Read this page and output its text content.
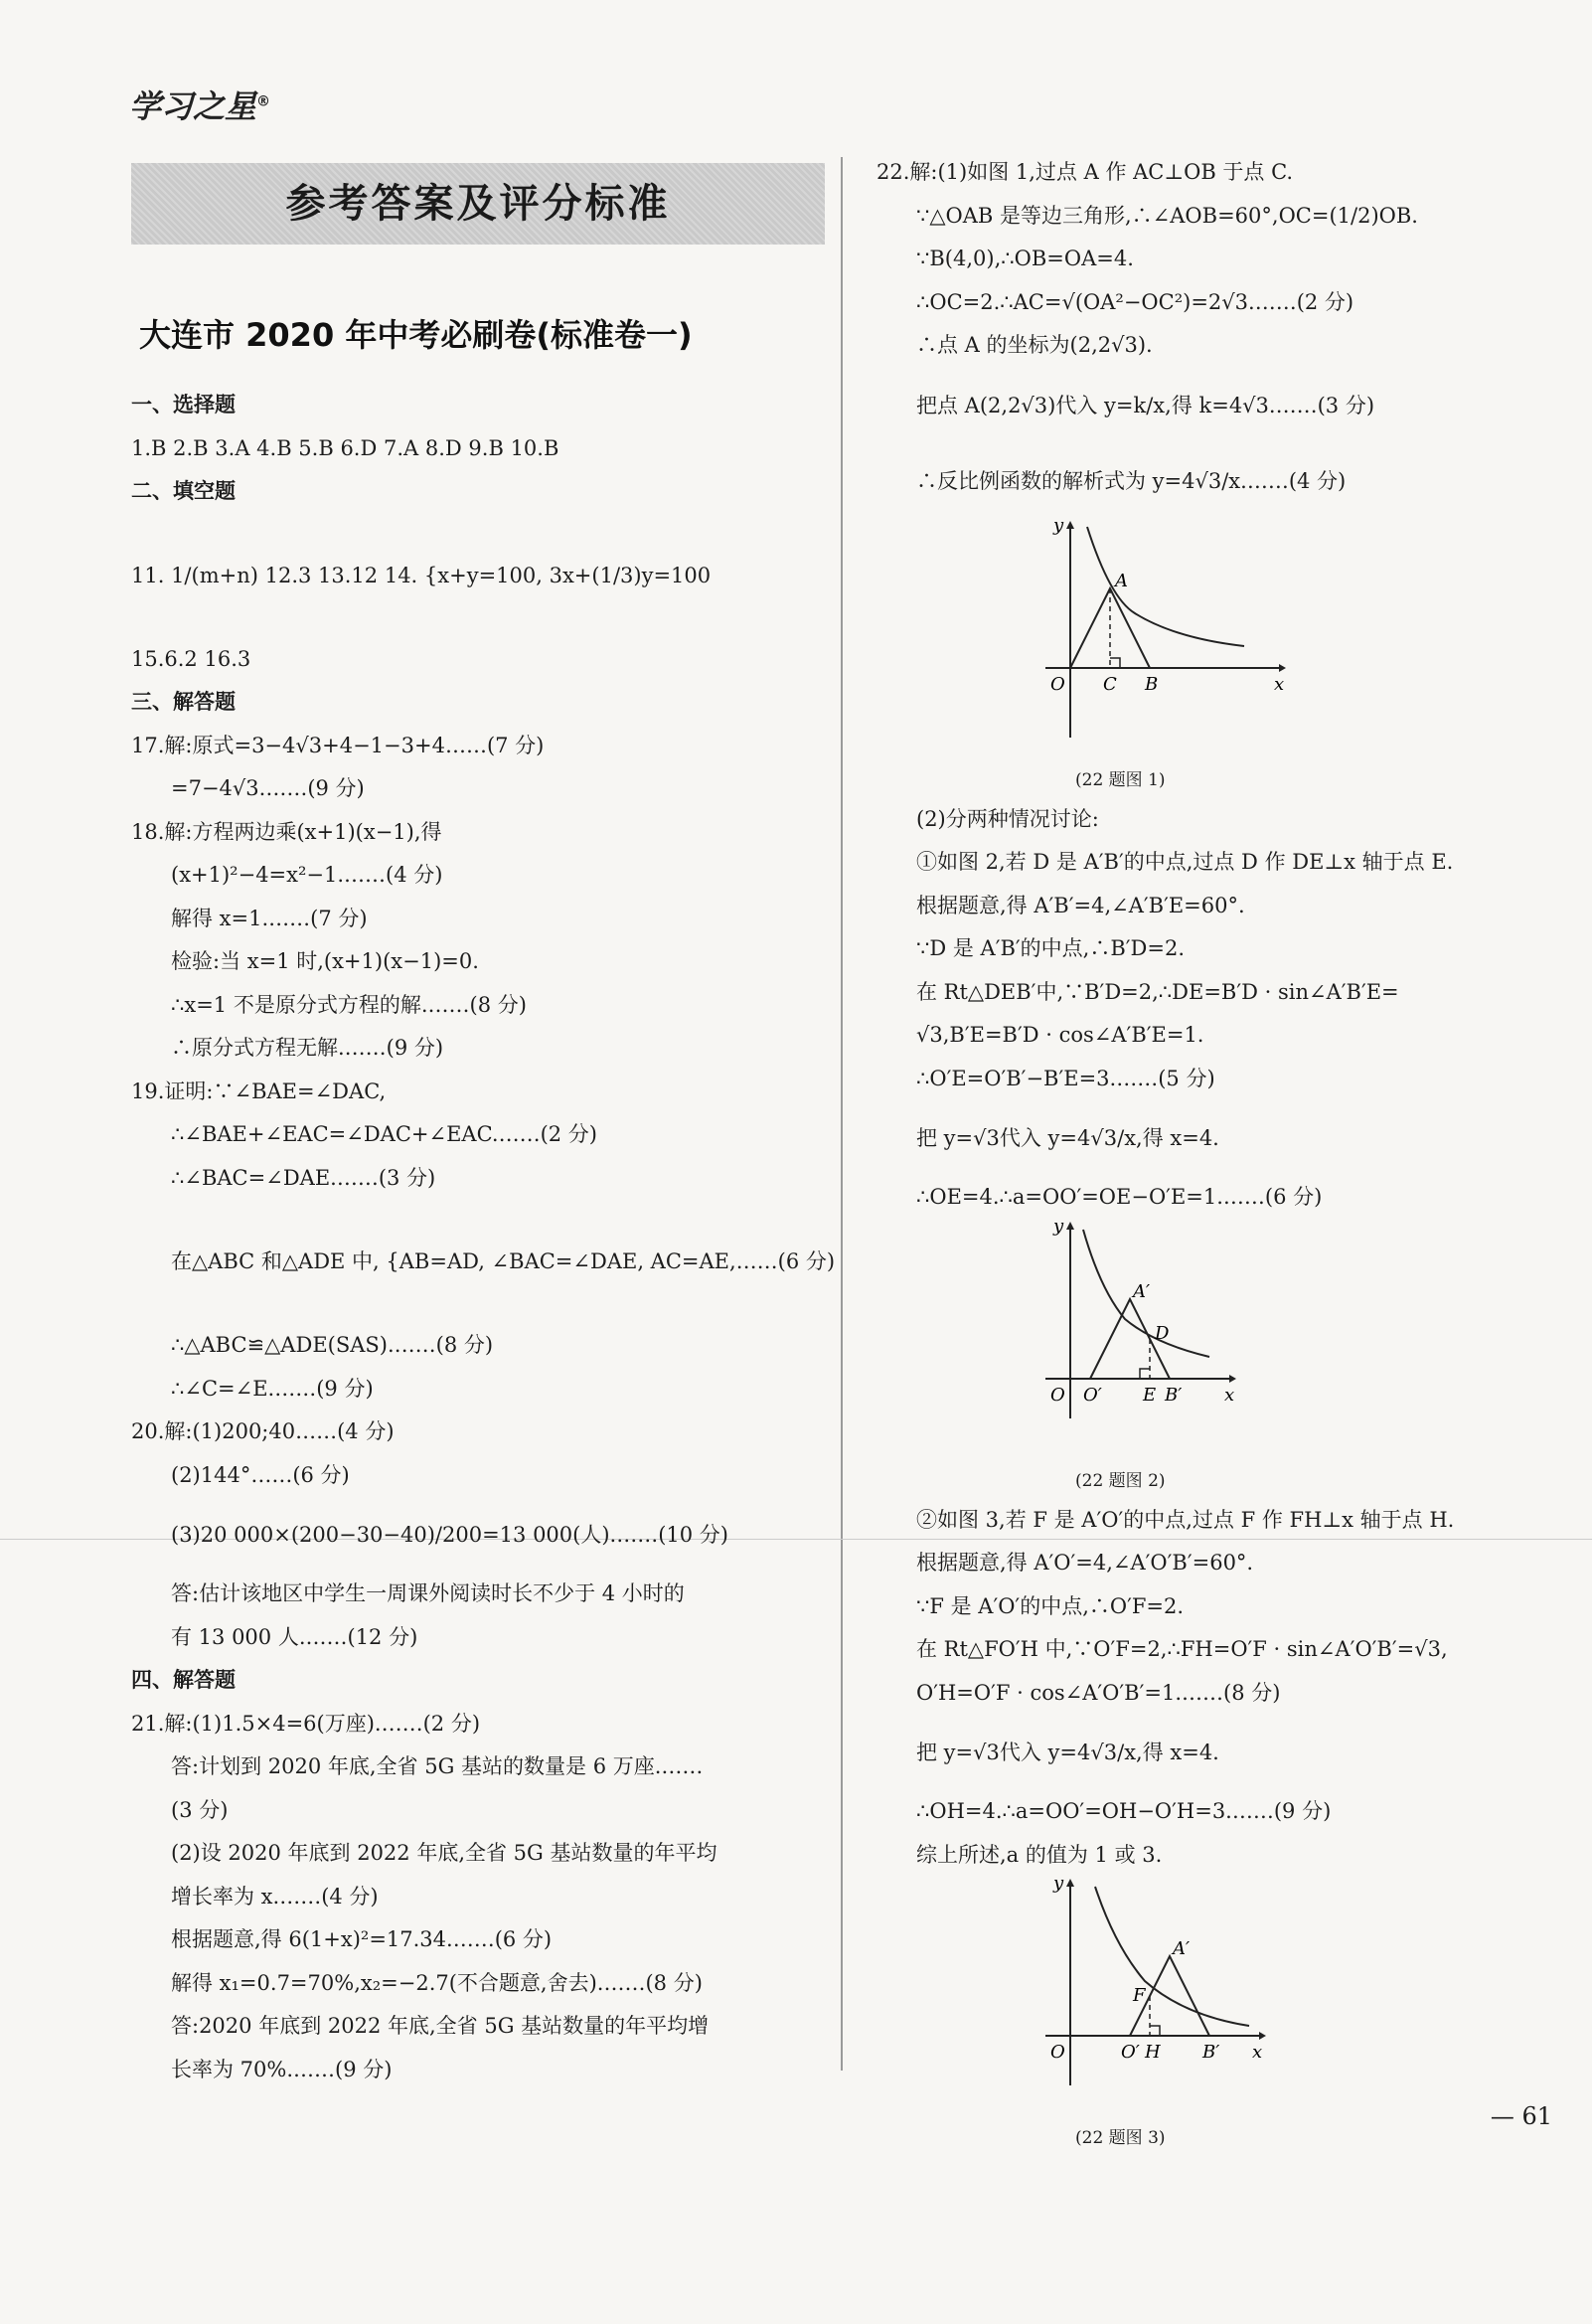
学习之星®
参考答案及评分标准
大连市 2020 年中考必刷卷(标准卷一)
一、选择题
1.B 2.B 3.A 4.B 5.B 6.D 7.A 8.D 9.B 10.B
二、填空题
11. 1/(m+n) 12.3 13.12 14. {x+y=100, 3x+(1/3)y=100
15.6.2 16.3
三、解答题
17.解:原式=3−4√3+4−1−3+4……(7 分)
=7−4√3.……(9 分)
18.解:方程两边乘(x+1)(x−1),得
(x+1)²−4=x²−1.……(4 分)
解得 x=1.……(7 分)
检验:当 x=1 时,(x+1)(x−1)=0.
∴x=1 不是原分式方程的解.……(8 分)
∴原分式方程无解.……(9 分)
19.证明:∵∠BAE=∠DAC,
∴∠BAE+∠EAC=∠DAC+∠EAC.……(2 分)
∴∠BAC=∠DAE.……(3 分)
在△ABC 和△ADE 中, {AB=AD, ∠BAC=∠DAE, AC=AE,……(6 分)
∴△ABC≌△ADE(SAS).……(8 分)
∴∠C=∠E.……(9 分)
20.解:(1)200;40……(4 分)
(2)144°……(6 分)
(3)20 000×(200−30−40)/200=13 000(人).……(10 分)
答:估计该地区中学生一周课外阅读时长不少于 4 小时的
有 13 000 人.……(12 分)
四、解答题
21.解:(1)1.5×4=6(万座).……(2 分)
答:计划到 2020 年底,全省 5G 基站的数量是 6 万座.……
(3 分)
(2)设 2020 年底到 2022 年底,全省 5G 基站数量的年平均
增长率为 x.……(4 分)
根据题意,得 6(1+x)²=17.34.……(6 分)
解得 x₁=0.7=70%,x₂=−2.7(不合题意,舍去).……(8 分)
答:2020 年底到 2022 年底,全省 5G 基站数量的年平均增
长率为 70%.……(9 分)
22.解:(1)如图 1,过点 A 作 AC⊥OB 于点 C.
∵△OAB 是等边三角形,∴∠AOB=60°,OC=(1/2)OB.
∵B(4,0),∴OB=OA=4.
∴OC=2.∴AC=√(OA²−OC²)=2√3.……(2 分)
∴点 A 的坐标为(2,2√3).
把点 A(2,2√3)代入 y=k/x,得 k=4√3.……(3 分)
∴反比例函数的解析式为 y=4√3/x.……(4 分)
y
A
O C B	x
(22 题图 1)
(2)分两种情况讨论:
①如图 2,若 D 是 A′B′的中点,过点 D 作 DE⊥x 轴于点 E.
根据题意,得 A′B′=4,∠A′B′E=60°.
∵D 是 A′B′的中点,∴B′D=2.
在 Rt△DEB′中,∵B′D=2,∴DE=B′D · sin∠A′B′E=
√3,B′E=B′D · cos∠A′B′E=1.
∴O′E=O′B′−B′E=3.……(5 分)
把 y=√3代入 y=4√3/x,得 x=4.
∴OE=4.∴a=OO′=OE−O′E=1.……(6 分)
y
A′
D
O O′ E B′ x
(22 题图 2)
②如图 3,若 F 是 A′O′的中点,过点 F 作 FH⊥x 轴于点 H.
根据题意,得 A′O′=4,∠A′O′B′=60°.
∵F 是 A′O′的中点,∴O′F=2.
在 Rt△FO′H 中,∵O′F=2,∴FH=O′F · sin∠A′O′B′=√3,
O′H=O′F · cos∠A′O′B′=1.……(8 分)
把 y=√3代入 y=4√3/x,得 x=4.
∴OH=4.∴a=OO′=OH−O′H=3.……(9 分)
综上所述,a 的值为 1 或 3.
y
A′
F
O	O′ H B′ x
(22 题图 3)
— 61
